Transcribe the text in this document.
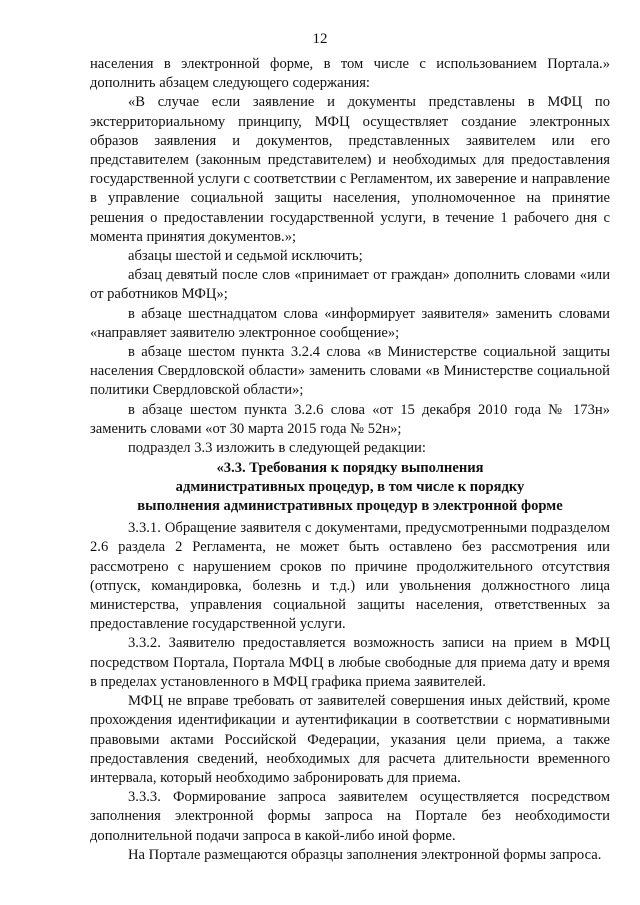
12

населения в электронной форме, в том числе с использованием Портала.» дополнить абзацем следующего содержания:

«В случае если заявление и документы представлены в МФЦ по экстерриториальному принципу, МФЦ осуществляет создание электронных образов заявления и документов, представленных заявителем или его представителем (законным представителем) и необходимых для предоставления государственной услуги с соответствии с Регламентом, их заверение и направление в управление социальной защиты населения, уполномоченное на принятие решения о предоставлении государственной услуги, в течение 1 рабочего дня с момента принятия документов.»;

абзацы шестой и седьмой исключить;

абзац девятый после слов «принимает от граждан» дополнить словами «или от работников МФЦ»;

в абзаце шестнадцатом слова «информирует заявителя» заменить словами «направляет заявителю электронное сообщение»;

в абзаце шестом пункта 3.2.4 слова «в Министерстве социальной защиты населения Свердловской области» заменить словами «в Министерстве социальной политики Свердловской области»;

в абзаце шестом пункта 3.2.6 слова «от 15 декабря 2010 года № 173н» заменить словами «от 30 марта 2015 года № 52н»;

подраздел 3.3 изложить в следующей редакции:

«3.3. Требования к порядку выполнения
административных процедур, в том числе к порядку
выполнения административных процедур в электронной форме

3.3.1. Обращение заявителя с документами, предусмотренными подразделом 2.6 раздела 2 Регламента, не может быть оставлено без рассмотрения или рассмотрено с нарушением сроков по причине продолжительного отсутствия (отпуск, командировка, болезнь и т.д.) или увольнения должностного лица министерства, управления социальной защиты населения, ответственных за предоставление государственной услуги.

3.3.2. Заявителю предоставляется возможность записи на прием в МФЦ посредством Портала, Портала МФЦ в любые свободные для приема дату и время в пределах установленного в МФЦ графика приема заявителей.

МФЦ не вправе требовать от заявителей совершения иных действий, кроме прохождения идентификации и аутентификации в соответствии с нормативными правовыми актами Российской Федерации, указания цели приема, а также предоставления сведений, необходимых для расчета длительности временного интервала, который необходимо забронировать для приема.

3.3.3. Формирование запроса заявителем осуществляется посредством заполнения электронной формы запроса на Портале без необходимости дополнительной подачи запроса в какой-либо иной форме.

На Портале размещаются образцы заполнения электронной формы запроса.
